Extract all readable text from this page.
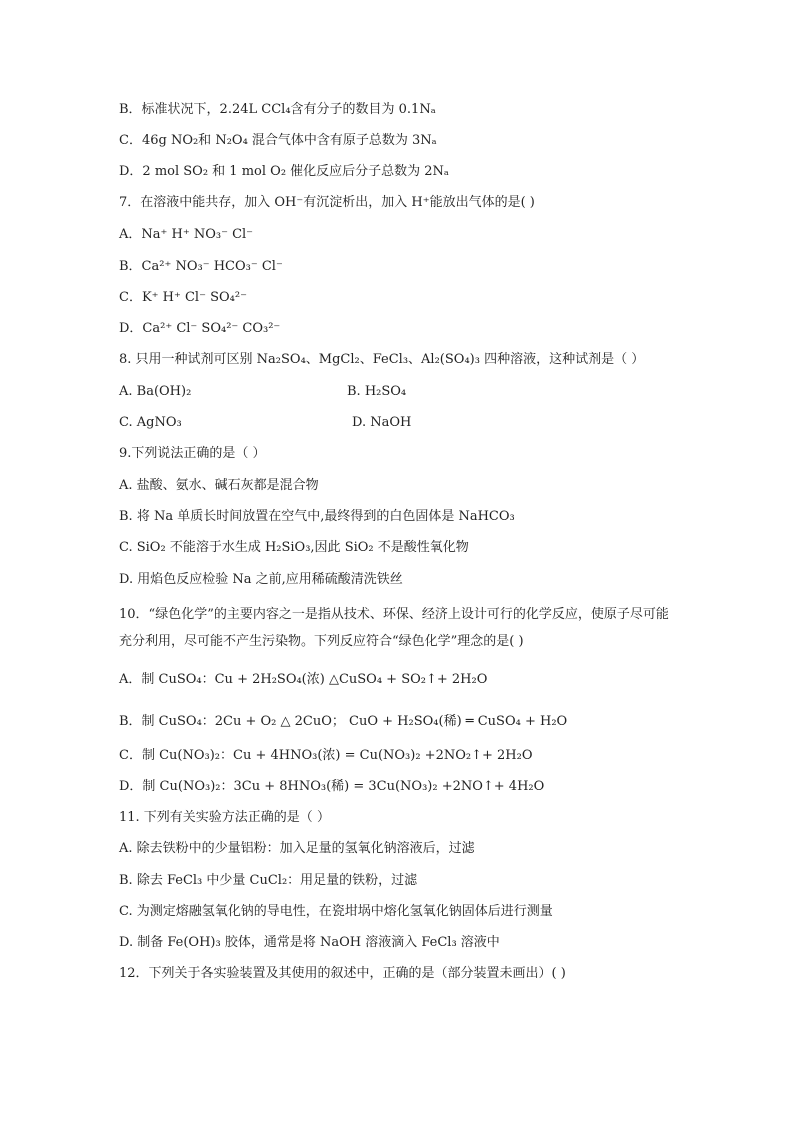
B．标准状况下，2.24L CCl₄含有分子的数目为 0.1Nₐ
C．46g NO₂和 N₂O₄ 混合气体中含有原子总数为 3Nₐ
D．2 mol SO₂ 和 1 mol O₂ 催化反应后分子总数为 2Nₐ
7．在溶液中能共存，加入 OH⁻有沉淀析出，加入 H⁺能放出气体的是( )
A．Na⁺ H⁺ NO₃⁻ Cl⁻
B．Ca²⁺ NO₃⁻ HCO₃⁻ Cl⁻
C．K⁺ H⁺ Cl⁻ SO₄²⁻
D．Ca²⁺ Cl⁻ SO₄²⁻ CO₃²⁻
8. 只用一种试剂可区别 Na₂SO₄、MgCl₂、FeCl₃、Al₂(SO₄)₃ 四种溶液，这种试剂是（ ）
A. Ba(OH)₂	B. H₂SO₄
C. AgNO₃	D. NaOH
9.下列说法正确的是（ ）
A. 盐酸、氨水、碱石灰都是混合物
B. 将 Na 单质长时间放置在空气中,最终得到的白色固体是 NaHCO₃
C. SiO₂ 不能溶于水生成 H₂SiO₃,因此 SiO₂ 不是酸性氧化物
D. 用焰色反应检验 Na 之前,应用稀硫酸清洗铁丝
10．“绿色化学”的主要内容之一是指从技术、环保、经济上设计可行的化学反应，使原子尽可能充分利用，尽可能不产生污染物。下列反应符合“绿色化学”理念的是( )
A．制 CuSO₄：Cu + 2H₂SO₄(浓) △CuSO₄ + SO₂↑+ 2H₂O
B．制 CuSO₄：2Cu + O₂ △ 2CuO； CuO + H₂SO₄(稀) ═ CuSO₄ + H₂O
C．制 Cu(NO₃)₂：Cu + 4HNO₃(浓) = Cu(NO₃)₂ +2NO₂↑+ 2H₂O
D．制 Cu(NO₃)₂：3Cu + 8HNO₃(稀) = 3Cu(NO₃)₂ +2NO↑+ 4H₂O
11. 下列有关实验方法正确的是（ ）
A. 除去铁粉中的少量铝粉：加入足量的氢氧化钠溶液后，过滤
B. 除去 FeCl₃ 中少量 CuCl₂：用足量的铁粉，过滤
C. 为测定熔融氢氧化钠的导电性，在瓷坩埚中熔化氢氧化钠固体后进行测量
D. 制备 Fe(OH)₃ 胶体，通常是将 NaOH 溶液滴入 FeCl₃ 溶液中
12．下列关于各实验装置及其使用的叙述中，正确的是（部分装置未画出）( )
